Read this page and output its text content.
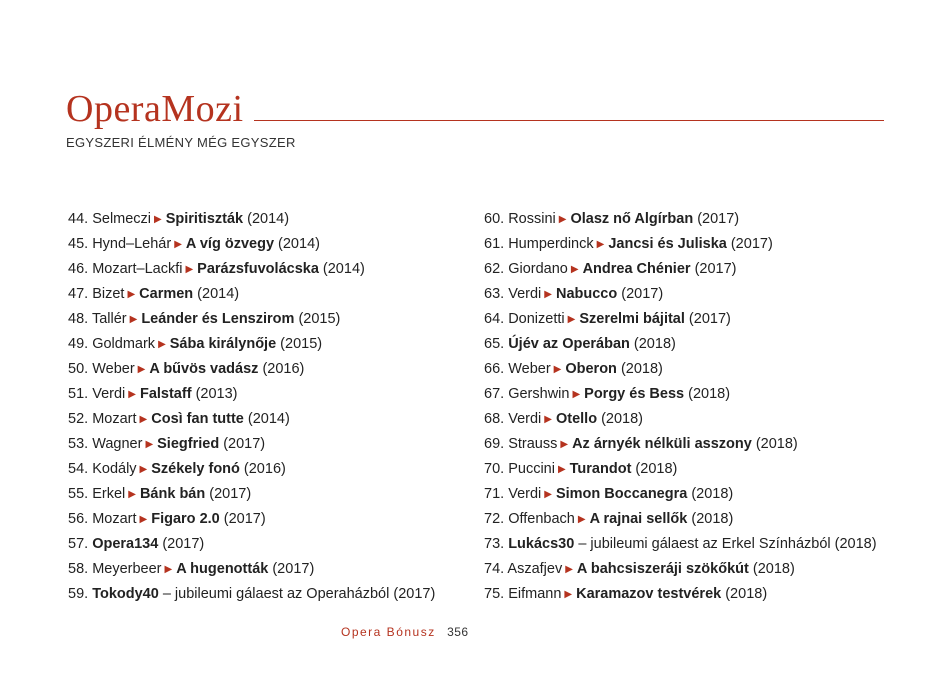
OperaMozi
EGYSZERI ÉLMÉNY MÉG EGYSZER
44. Selmeczi ▶ Spiritiszták (2014)
45. Hynd–Lehár ▶ A víg özvegy (2014)
46. Mozart–Lackfi ▶ Parázsfuvolácska (2014)
47. Bizet ▶ Carmen (2014)
48. Tallér ▶ Leánder és Lenszirom (2015)
49. Goldmark ▶ Sába királynője (2015)
50. Weber ▶ A bűvös vadász (2016)
51. Verdi ▶ Falstaff (2013)
52. Mozart ▶ Così fan tutte (2014)
53. Wagner ▶ Siegfried (2017)
54. Kodály ▶ Székely fonó (2016)
55. Erkel ▶ Bánk bán (2017)
56. Mozart ▶ Figaro 2.0 (2017)
57. Opera134 (2017)
58. Meyerbeer ▶ A hugenották (2017)
59. Tokody40 – jubileumi gálaest az Operaházból (2017)
60. Rossini ▶ Olasz nő Algírban (2017)
61. Humperdinck ▶ Jancsi és Juliska (2017)
62. Giordano ▶ Andrea Chénier (2017)
63. Verdi ▶ Nabucco (2017)
64. Donizetti ▶ Szerelmi bájital (2017)
65. Újév az Operában (2018)
66. Weber ▶ Oberon (2018)
67. Gershwin ▶ Porgy és Bess (2018)
68. Verdi ▶ Otello (2018)
69. Strauss ▶ Az árnyék nélküli asszony (2018)
70. Puccini ▶ Turandot (2018)
71. Verdi ▶ Simon Boccanegra (2018)
72. Offenbach ▶ A rajnai sellők (2018)
73. Lukács30 – jubileumi gálaest az Erkel Színházból (2018)
74. Aszafjev ▶ A bahcsiszeráji szökőkút (2018)
75. Eifmann ▶ Karamazov testvérek (2018)
Opera Bónusz 356
